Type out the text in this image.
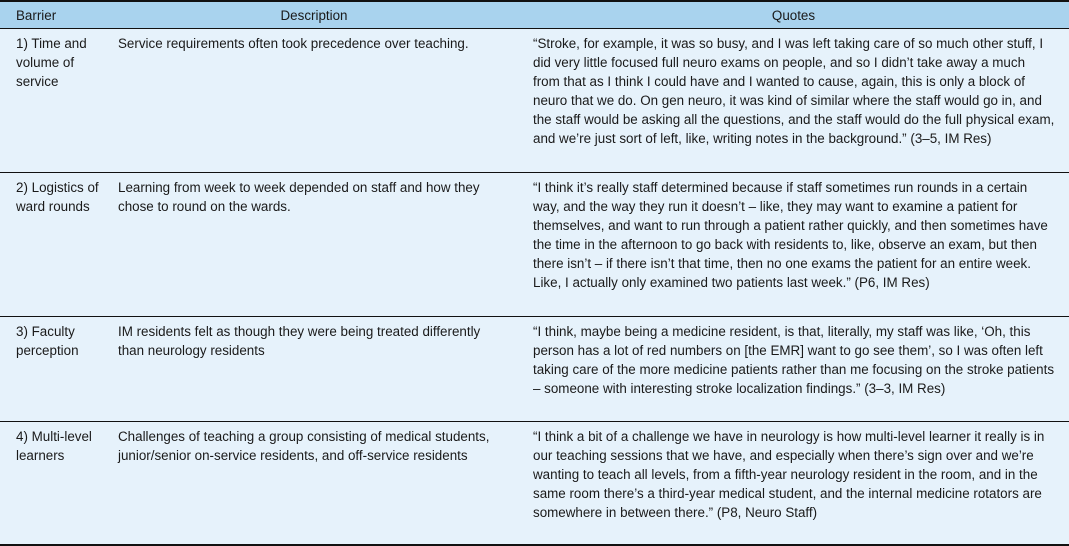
Barrier	Description	Quotes
1) Time and volume of service	Service requirements often took precedence over teaching.	“Stroke, for example, it was so busy, and I was left taking care of so much other stuff, I did very little focused full neuro exams on people, and so I didn’t take away a much from that as I think I could have and I wanted to cause, again, this is only a block of neuro that we do. On gen neuro, it was kind of similar where the staff would go in, and the staff would be asking all the questions, and the staff would do the full physical exam, and we’re just sort of left, like, writing notes in the background.” (3–5, IM Res)
2) Logistics of ward rounds	Learning from week to week depended on staff and how they chose to round on the wards.	“I think it’s really staff determined because if staff sometimes run rounds in a certain way, and the way they run it doesn’t – like, they may want to examine a patient for themselves, and want to run through a patient rather quickly, and then sometimes have the time in the afternoon to go back with residents to, like, observe an exam, but then there isn’t – if there isn’t that time, then no one exams the patient for an entire week. Like, I actually only examined two patients last week.” (P6, IM Res)
3) Faculty perception	IM residents felt as though they were being treated differently than neurology residents	“I think, maybe being a medicine resident, is that, literally, my staff was like, ‘Oh, this person has a lot of red numbers on [the EMR] want to go see them’, so I was often left taking care of the more medicine patients rather than me focusing on the stroke patients – someone with interesting stroke localization findings.” (3–3, IM Res)
4) Multi-level learners	Challenges of teaching a group consisting of medical students, junior/senior on-service residents, and off-service residents	“I think a bit of a challenge we have in neurology is how multi-level learner it really is in our teaching sessions that we have, and especially when there’s sign over and we’re wanting to teach all levels, from a fifth-year neurology resident in the room, and in the same room there’s a third-year medical student, and the internal medicine rotators are somewhere in between there.” (P8, Neuro Staff)
